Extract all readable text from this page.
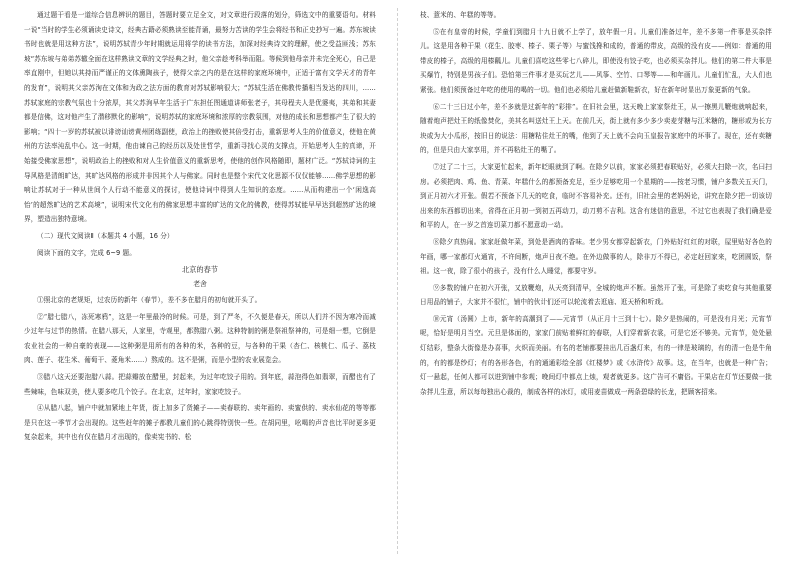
通过题干看是一道综合信息辨识的题目，答题时要立足全文，对文章进行段落的划分，筛选文中的重要语句。材料一说“当时的学生必须诵读史诗文，经典古籍必须熟读至能背诵，最努力苦读的学生会将经书和正史抄写一遍。苏东坡读书时也就是用这种方法”，说明苏轼青少年时期就运用将学的读书方法，加深对经典诗文的理解，使之受益匪浅；苏东坡“苏东坡与弟弟苏辙全面在这样熟读文章的文学经典之时，他父亲趁考科举而阻。等候到他母亲并未完全死心，自己是率直刚中，但她以其持而严谨正的文体熏陶孩子，使得父亲之内的是在这样的家庭环境中，正适于富有文学天才的青年的发育”，说明其父亲苏洵在文体和为政之法方面的教育对苏轼影响很大；“苏轼生活在佛教传播相当发达的四川，……苏轼家庭的宗教气氛也十分浓厚，其父苏洵早年生活于广东担任图通道讲师张老子，其母程夫人是优婆夷，其弟和其妻都是信佛，这对他产生了潜移默化的影响”，说明苏轼的家庭环境和浓厚的宗教氛围，对他的成长和思想都产生了很大的影响；“四十一岁的苏轼被以诽谤讪谤黄州团练副使，政治上的挫败使其倍受打击，重新思考人生的价值意义，使他在黄州的方法率沌乱中心。这一时期，他由谏自己的经历以及处世哲学，重新寻找心灵的支撑点，开始思考人生的真谛，开始接受佛家思想”，说明政治上的挫败和对人生价值意义的重新思考，使他的创作风格随即，题材广泛。“苏轼诗词的主导风格是清朗旷达，其旷达风格的形成并非因其个人与佛家。同时也是整个宋代文化思源不仅仅能够……佛学思想的影响让苏轼对于一种从世间个人行动不能意义的探讨，使他诗词中得到人生知识的态度。……从而构建出一个‘闲逸高怡’的超然旷达的艺术高境”，说明宋代文化有的佛家思想丰富的旷达的文化的佛教，使得苏轼能早早达到超然旷达的境界，塑造出独特意境。

（二）现代文阅读Ⅱ（本题共 4 小题，16 分）

阅读下面的文字，完成 6~9 题。

北京的春节
老舍

①照北京的老规矩，过农历的新年（春节），差不多在腊月的初旬就开头了。

②“腊七腊八，冻死寒鸦”，这是一年里最冷的时候。可是，到了严冬，不久便是春天，所以人们并不因为寒冷而减少过年与过节的热情。在腊八那天，人家里，寺观里，都熬腊八粥。这种特制的粥是祭祖祭神的，可是细一想，它倒是农业社会的一种自豪的表现——这种粥是用所有的各种的米，各种的豆，与各种的干果（杏仁、核桃仁、瓜子、荔枝肉、莲子、花生米、葡萄干、菱角米……）熬成的。这不是粥，而是小型的农业展览会。

③腊八这天还要泡腊八蒜。把蒜瓣放在醋里，封起来，为过年吃饺子用的。到年底，蒜泡得色如翡翠，而醋也有了些辣味，色味双美，使人要多吃几个饺子。在北京，过年时，家家吃饺子。

④从腊八起，铺户中就加紧地上年货，街上加多了货摊子——卖春联的、卖年画的、卖蜜供的、卖水仙花的等等都是只在这一季节才会出现的。这些赶年的摊子都教儿童们的心跳得特别快一些。在胡同里，吆喝的声音也比平时更多更复杂起来，其中也有仅在腊月才出现的，像卖宪书的、松

枝、薏米的、年糕的等等。

⑤在有皇帝的时候，学童们到腊月十九日就不上学了，放年假一月。儿童们准备过年，差不多第一件事是买杂拌儿。这是用各种干果（花生、胶枣、榛子、栗子等）与蜜饯搀和成的，普通的带皮，高级的没有皮——例如：普通的用带皮的榛子，高级的用榛瓤儿。儿童们喜吃这些零七八碎儿，即使没有饺子吃，也必须买杂拌儿。他们的第二件大事是买爆竹，特别是男孩子们。恐怕第三件事才是买玩艺儿——风筝、空竹、口琴等——和年画儿。儿童们忙乱，大人们也紧张。他们须预备过年吃的使用的喝的一切。他们也必须给儿童赶做新鞋新衣，好在新年时显出万象更新的气象。

⑥二十三日过小年，差不多就是过新年的“彩排”。在旧社会里，这天晚上家家祭灶王，从一擦黑儿鞭炮就响起来，随着炮声把灶王的纸像焚化，美其名叫送灶王上天。在前几天，街上就有多少多少卖麦芽糖与江米糖的，糖形或为长方块或为大小瓜形，按旧日的说法：用糖粘住灶王的嘴，他到了天上就不会向玉皇报告家庭中的坏事了。现在，还有卖糖的，但是只由大家享用，并不再粘灶王的嘴了。

⑦过了二十三，大家更忙起来，新年眨眼就到了啊。在除夕以前，家家必须把春联贴好，必须大扫除一次，名曰扫房。必须把肉、鸡、鱼、青菜、年糕什么的都预备充足，至少足够吃用一个星期的——按老习惯，铺户多数关五天门，到正月初六才开张。假若不预备下几天的吃食，临时不容易补充。还有，旧社会里的老妈妈论，讲究在除夕把一切该切出来的东西都切出来，省得在正月初一到初五再动刀，动刀剪不吉利。这含有迷信的意思，不过它也表现了我们确是爱和平的人，在一岁之首连切菜刀都不愿意动一动。

⑧除夕真热闹。家家赶做年菜，到处是酒肉的香味。老少男女都穿起新衣，门外贴好红红的对联，屋里贴好各色的年画，哪一家都灯火通宵，不许间断，炮声日夜不绝。在外边做事的人，除非万不得已，必定赶回家来，吃团圆饭，祭祖。这一夜，除了很小的孩子，没有什么人睡觉，都要守岁。

⑨多数的铺户在初六开张，又放鞭炮，从天亮到清早，全城的炮声不断。虽然开了张，可是除了卖吃食与其他重要日用品的铺子，大家并不很忙，铺中的伙计们还可以轮流着去逛庙、逛天桥和听戏。

⑩元宵（汤圆）上市，新年的高潮到了——元宵节（从正月十三到十七）。除夕是热闹的，可是没有月光；元宵节呢，恰好是明月当空。元旦是体面的，家家门前贴着鲜红的春联，人们穿着新衣裳，可是它还不够美。元宵节，处处悬灯结彩，整条大街像是办喜事，火炽而美丽。有名的老铺都要挂出几百盏灯来，有的一律是玻璃的，有的清一色是牛角的，有的都是纱灯；有的各形各色，有的通通彩绘全部《红楼梦》或《水浒传》故事。这，在当年，也就是一种广告；灯一悬起，任何人都可以进到铺中参观；晚间灯中都点上烛，观者就更多。这广告可不庸俗。干果店在灯节还要做一批杂拌儿生意，所以每每独出心裁的，制成各样的冰灯，或用麦苗做成一两条碧绿的长龙，把顾客招来。
